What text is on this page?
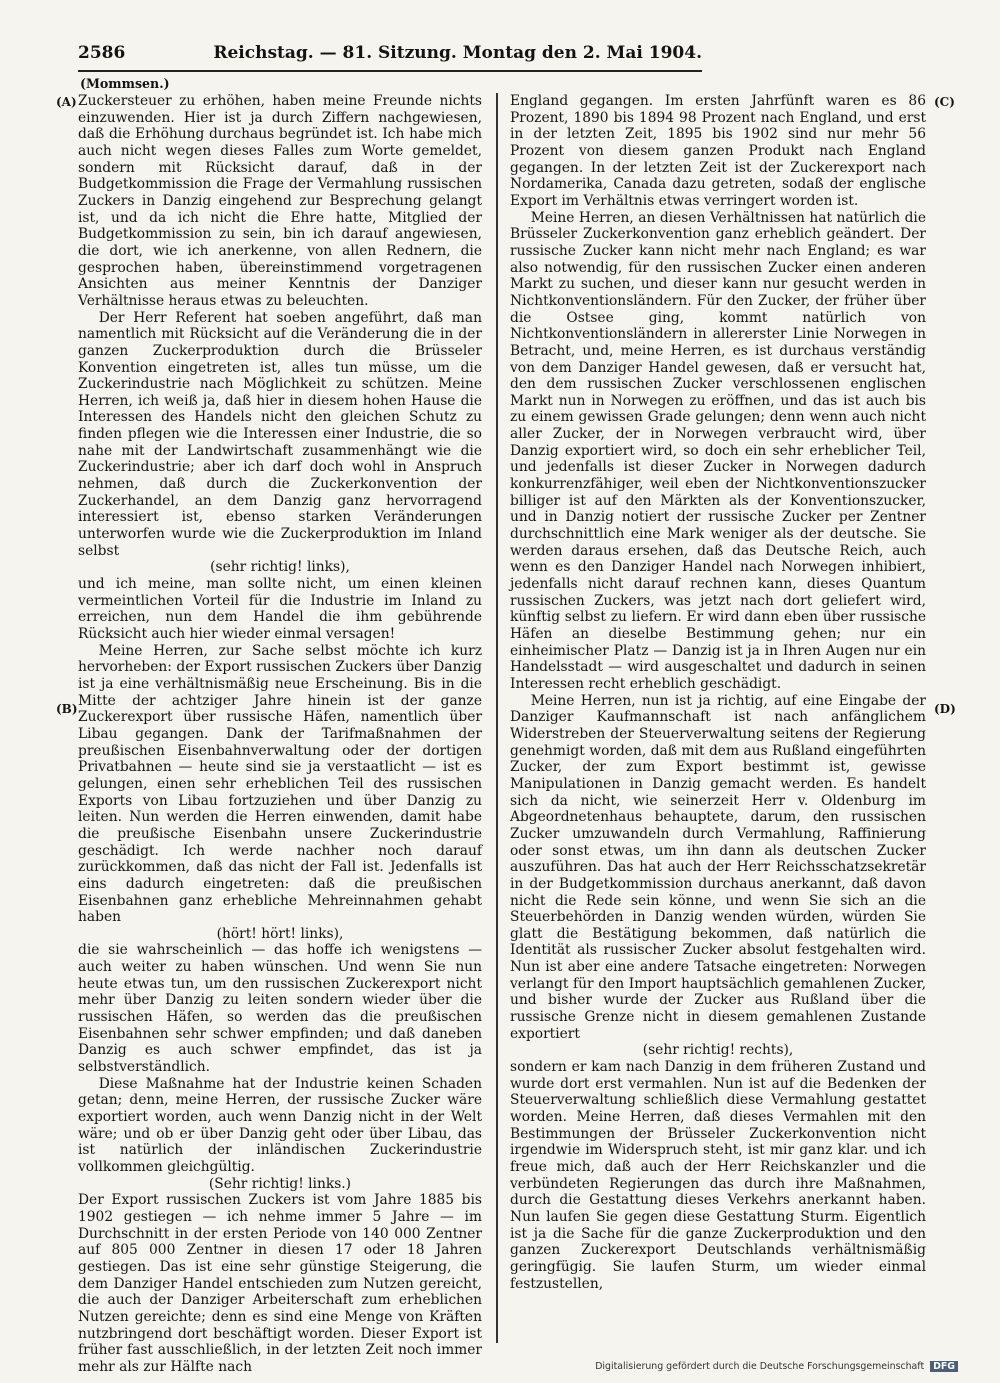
2586	Reichstag. — 81. Sitzung. Montag den 2. Mai 1904.
(Mommsen.)
(A)
(B)
(C)
(D)

Zuckersteuer zu erhöhen, haben meine Freunde nichts einzuwenden. Hier ist ja durch Ziffern nachgewiesen, daß die Erhöhung durchaus begründet ist. Ich habe mich auch nicht wegen dieses Falles zum Worte gemeldet, sondern mit Rücksicht darauf, daß in der Budgetkommission die Frage der Vermahlung russischen Zuckers in Danzig eingehend zur Besprechung gelangt ist, und da ich nicht die Ehre hatte, Mitglied der Budgetkommission zu sein, bin ich darauf angewiesen, die dort, wie ich anerkenne, von allen Rednern, die gesprochen haben, übereinstimmend vorgetragenen Ansichten aus meiner Kenntnis der Danziger Verhältnisse heraus etwas zu beleuchten.

Der Herr Referent hat soeben angeführt, daß man namentlich mit Rücksicht auf die Veränderung die in der ganzen Zuckerproduktion durch die Brüsseler Konvention eingetreten ist, alles tun müsse, um die Zuckerindustrie nach Möglichkeit zu schützen. Meine Herren, ich weiß ja, daß hier in diesem hohen Hause die Interessen des Handels nicht den gleichen Schutz zu finden pflegen wie die Interessen einer Industrie, die so nahe mit der Landwirtschaft zusammenhängt wie die Zuckerindustrie; aber ich darf doch wohl in Anspruch nehmen, daß durch die Zuckerkonvention der Zuckerhandel, an dem Danzig ganz hervorragend interessiert ist, ebenso starken Veränderungen unterworfen wurde wie die Zuckerproduktion im Inland selbst

(sehr richtig! links),

und ich meine, man sollte nicht, um einen kleinen vermeintlichen Vorteil für die Industrie im Inland zu erreichen, nun dem Handel die ihm gebührende Rücksicht auch hier wieder einmal versagen!

Meine Herren, zur Sache selbst möchte ich kurz hervorheben: der Export russischen Zuckers über Danzig ist ja eine verhältnismäßig neue Erscheinung. Bis in die Mitte der achtziger Jahre hinein ist der ganze Zuckerexport über russische Häfen, namentlich über Libau gegangen. Dank der Tarifmaßnahmen der preußischen Eisenbahnverwaltung oder der dortigen Privatbahnen — heute sind sie ja verstaatlicht — ist es gelungen, einen sehr erheblichen Teil des russischen Exports von Libau fortzuziehen und über Danzig zu leiten. Nun werden die Herren einwenden, damit habe die preußische Eisenbahn unsere Zuckerindustrie geschädigt. Ich werde nachher noch darauf zurückkommen, daß das nicht der Fall ist. Jedenfalls ist eins dadurch eingetreten: daß die preußischen Eisenbahnen ganz erhebliche Mehreinnahmen gehabt haben

(hört! hört! links),

die sie wahrscheinlich — das hoffe ich wenigstens — auch weiter zu haben wünschen. Und wenn Sie nun heute etwas tun, um den russischen Zuckerexport nicht mehr über Danzig zu leiten sondern wieder über die russischen Häfen, so werden das die preußischen Eisenbahnen sehr schwer empfinden; und daß daneben Danzig es auch schwer empfindet, das ist ja selbstverständlich.

Diese Maßnahme hat der Industrie keinen Schaden getan; denn, meine Herren, der russische Zucker wäre exportiert worden, auch wenn Danzig nicht in der Welt wäre; und ob er über Danzig geht oder über Libau, das ist natürlich der inländischen Zuckerindustrie vollkommen gleichgültig.

(Sehr richtig! links.)

Der Export russischen Zuckers ist vom Jahre 1885 bis 1902 gestiegen — ich nehme immer 5 Jahre — im Durchschnitt in der ersten Periode von 140 000 Zentner auf 805 000 Zentner in diesen 17 oder 18 Jahren gestiegen. Das ist eine sehr günstige Steigerung, die dem Danziger Handel entschieden zum Nutzen gereicht, die auch der Danziger Arbeiterschaft zum erheblichen Nutzen gereichte; denn es sind eine Menge von Kräften nutzbringend dort beschäftigt worden. Dieser Export ist früher fast ausschließlich, in der letzten Zeit noch immer mehr als zur Hälfte nach

England gegangen. Im ersten Jahrfünft waren es 86 Prozent, 1890 bis 1894 98 Prozent nach England, und erst in der letzten Zeit, 1895 bis 1902 sind nur mehr 56 Prozent von diesem ganzen Produkt nach England gegangen. In der letzten Zeit ist der Zuckerexport nach Nordamerika, Canada dazu getreten, sodaß der englische Export im Verhältnis etwas verringert worden ist.

Meine Herren, an diesen Verhältnissen hat natürlich die Brüsseler Zuckerkonvention ganz erheblich geändert. Der russische Zucker kann nicht mehr nach England; es war also notwendig, für den russischen Zucker einen anderen Markt zu suchen, und dieser kann nur gesucht werden in Nichtkonventionsländern. Für den Zucker, der früher über die Ostsee ging, kommt natürlich von Nichtkonventionsländern in allererster Linie Norwegen in Betracht, und, meine Herren, es ist durchaus verständig von dem Danziger Handel gewesen, daß er versucht hat, den dem russischen Zucker verschlossenen englischen Markt nun in Norwegen zu eröffnen, und das ist auch bis zu einem gewissen Grade gelungen; denn wenn auch nicht aller Zucker, der in Norwegen verbraucht wird, über Danzig exportiert wird, so doch ein sehr erheblicher Teil, und jedenfalls ist dieser Zucker in Norwegen dadurch konkurrenzfähiger, weil eben der Nichtkonventionszucker billiger ist auf den Märkten als der Konventionszucker, und in Danzig notiert der russische Zucker per Zentner durchschnittlich eine Mark weniger als der deutsche. Sie werden daraus ersehen, daß das Deutsche Reich, auch wenn es den Danziger Handel nach Norwegen inhibiert, jedenfalls nicht darauf rechnen kann, dieses Quantum russischen Zuckers, was jetzt nach dort geliefert wird, künftig selbst zu liefern. Er wird dann eben über russische Häfen an dieselbe Bestimmung gehen; nur ein einheimischer Platz — Danzig ist ja in Ihren Augen nur ein Handelsstadt — wird ausgeschaltet und dadurch in seinen Interessen recht erheblich geschädigt.

Meine Herren, nun ist ja richtig, auf eine Eingabe der Danziger Kaufmannschaft ist nach anfänglichem Widerstreben der Steuerverwaltung seitens der Regierung genehmigt worden, daß mit dem aus Rußland eingeführten Zucker, der zum Export bestimmt ist, gewisse Manipulationen in Danzig gemacht werden. Es handelt sich da nicht, wie seinerzeit Herr v. Oldenburg im Abgeordnetenhaus behauptete, darum, den russischen Zucker umzuwandeln durch Vermahlung, Raffinierung oder sonst etwas, um ihn dann als deutschen Zucker auszuführen. Das hat auch der Herr Reichsschatzsekretär in der Budgetkommission durchaus anerkannt, daß davon nicht die Rede sein könne, und wenn Sie sich an die Steuerbehörden in Danzig wenden würden, würden Sie glatt die Bestätigung bekommen, daß natürlich die Identität als russischer Zucker absolut festgehalten wird. Nun ist aber eine andere Tatsache eingetreten: Norwegen verlangt für den Import hauptsächlich gemahlenen Zucker, und bisher wurde der Zucker aus Rußland über die russische Grenze nicht in diesem gemahlenen Zustande exportiert

(sehr richtig! rechts),

sondern er kam nach Danzig in dem früheren Zustand und wurde dort erst vermahlen. Nun ist auf die Bedenken der Steuerverwaltung schließlich diese Vermahlung gestattet worden. Meine Herren, daß dieses Vermahlen mit den Bestimmungen der Brüsseler Zuckerkonvention nicht irgendwie im Widerspruch steht, ist mir ganz klar. und ich freue mich, daß auch der Herr Reichskanzler und die verbündeten Regierungen das durch ihre Maßnahmen, durch die Gestattung dieses Verkehrs anerkannt haben. Nun laufen Sie gegen diese Gestattung Sturm. Eigentlich ist ja die Sache für die ganze Zuckerproduktion und den ganzen Zuckerexport Deutschlands verhältnismäßig geringfügig. Sie laufen Sturm, um wieder einmal festzustellen,

Digitalisierung gefördert durch die Deutsche Forschungsgemeinschaft DFG
